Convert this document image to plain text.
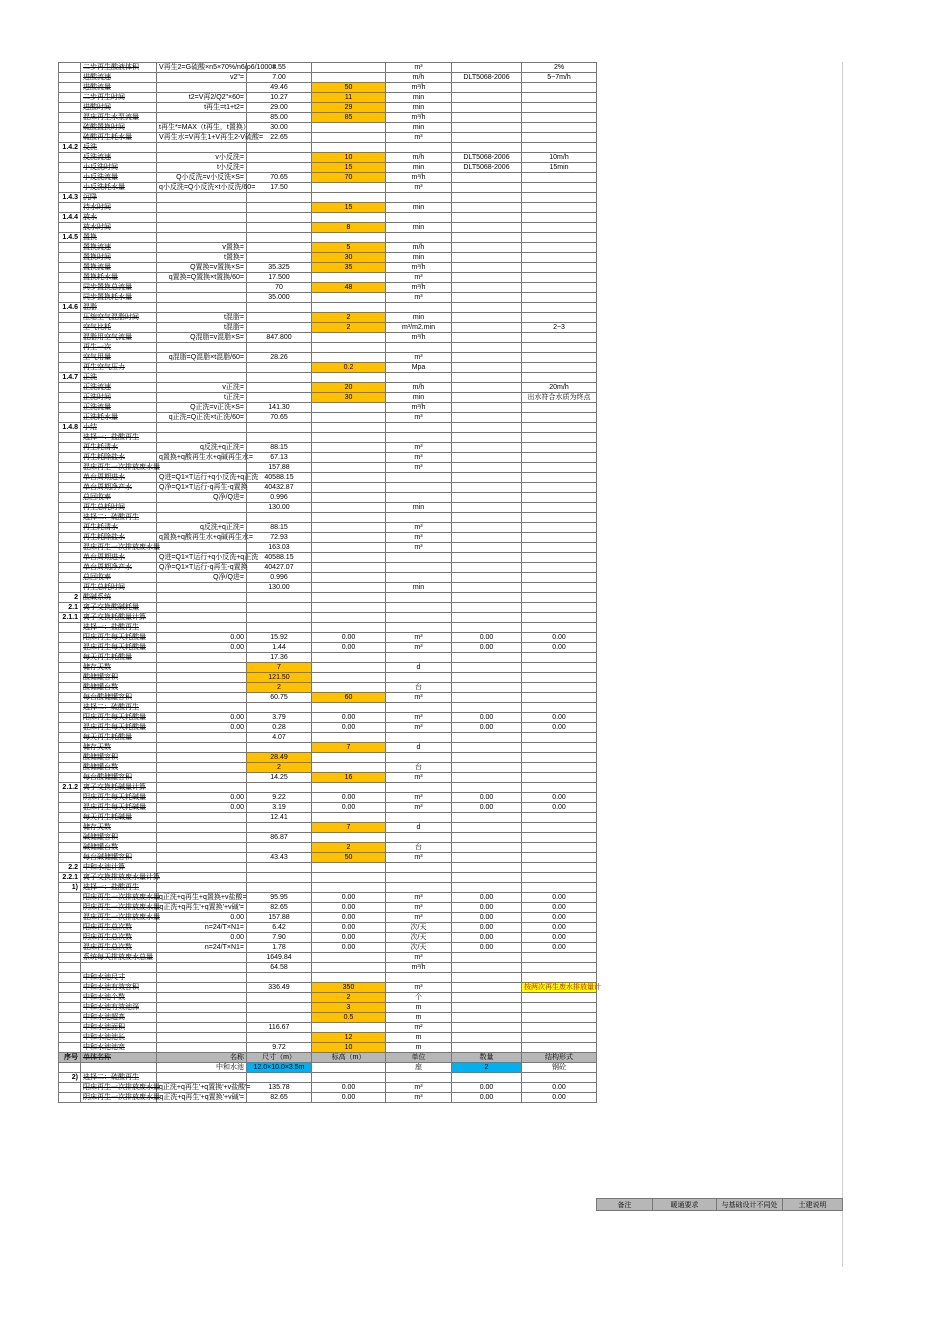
	二步再生酸液体积	V再生2=G硫酸×n5×70%/n6/ρ6/1000=	8.55		m³		2%
	进酸流速	v2"=	7.00		m/h	DLT5068-2006	5~7m/h
	进酸流量		49.46	50	m³/h		
	二步再生时间	t2=V再2/Q2"×60=	10.27	11	min		
	进酸时间	t再生=t1+t2=	29.00	29	min		
	混床再生水泵流量		85.00	85	m³/h		
	硫酸置换时间	t再生*=MAX（t再生，t置换）	30.00		min		
	硫酸再生耗水量	V再生水=V再生1+V再生2-V硫酸=	22.65		m³		
1.4.2	反洗						
	反洗流速	v小反洗=		10	m/h	DLT5068-2006	10m/h
	小反洗时间	t小反洗=		15	min	DLT5068-2006	15min
	小反洗流量	Q小反洗=v小反洗×S=	70.65	70	m³/h		
	小反洗耗水量	q小反洗=Q小反洗×t小反洗/60=	17.50		m³		
1.4.3	沉降						
	待水时间			15	min		
1.4.4	放水						
	放水时间			8	min		
1.4.5	置换						
	置换流速	v置换=		5	m/h		
	置换时间	t置换=		30	min		
	置换流量	Q置换=v置换×S=	35.325	35	m³/h		
	置换耗水量	q置换=Q置换×t置换/60=	17.500		m³		
	同步置换总流量		70	48	m³/h		
	同步置换耗水量		35.000		m³		
1.4.6	混脂						
	压缩空气混脂时间	t混脂=		2	min		
	空气比耗	t混脂=		2	m³/m2.min		2~3
	混脂用空气流量	Q混脂=v混脂×S=	847.800		m³/h		
	再生一次						
	空气用量	q混脂=Q混脂×t混脂/60=	28.26		m³		
	再生空气压力			0.2	Mpa		
1.4.7	正洗						
	正洗流速	v正洗=		20	m/h		20m/h
	正洗时间	t正洗=		30	min		出水符合水质为终点
	正洗流量	Q正洗=v正洗×S=	141.30		m³/h		
	正洗耗水量	q正洗=Q正洗×t正洗/60=	70.65		m³		
1.4.8	小结						
	选择一：盐酸再生						
	再生耗清水	q反洗+q正洗=	88.15		m³		
	再生耗除盐水	q置换+q酸再生水+q碱再生水=	67.13		m³		
	混床再生一次排放废水量		157.88		m³		
	单台周期进水	Q进=Q1×T运行+q小反洗+q正洗	40588.15				
	单台周期净产水	Q净=Q1×T运行-q再生-q置换	40432.87				
	总回收率	Q净/Q进=	0.996				
	再生总耗时间		130.00		min		
	选择二：硫酸再生						
	再生耗清水	q反洗+q正洗=	88.15		m³		
	再生耗除盐水	q置换+q酸再生水+q碱再生水=	72.93		m³		
	混床再生一次排放废水量		163.03		m³		
	单台周期进水	Q进=Q1×T运行+q小反洗+q正洗	40588.15				
	单台周期净产水	Q净=Q1×T运行-q再生-q置换	40427.07				
	总回收率	Q净/Q进=	0.996				
	再生总耗时间		130.00		min		
2	酸碱系统						
2.1	离子交换酸碱耗量						
2.1.1	离子交换耗酸量计算						
	选择一：盐酸再生						
	阳床再生每天耗酸量	0.00	15.92	0.00	m³	0.00	0.00
	混床再生每天耗酸量	0.00	1.44	0.00	m³	0.00	0.00
	每天再生耗酸量		17.36				
	储存天数		7		d		
	酸储罐容积		121.50				
	酸储罐台数		2		台		
	每台酸储罐容积		60.75	60	m³		
	选择二：硫酸再生						
	阳床再生每天耗酸量	0.00	3.79	0.00	m³	0.00	0.00
	混床再生每天耗酸量	0.00	0.28	0.00	m³	0.00	0.00
	每天再生耗酸量		4.07				
	储存天数			7	d		
	酸储罐容积		28.49				
	酸储罐台数		2		台		
	每台酸储罐容积		14.25	16	m³		
2.1.2	离子交换耗碱量计算						
	阴床再生每天耗碱量	0.00	9.22	0.00	m³	0.00	0.00
	混床再生每天耗碱量	0.00	3.19	0.00	m³	0.00	0.00
	每天再生耗碱量		12.41				
	储存天数			7	d		
	碱储罐容积		86.87				
	碱储罐台数			2	台		
	每台碱储罐容积		43.43	50	m³		
2.2	中和水池计算						
2.2.1	离子交换排放废水量计算						
1)	选择一：盐酸再生						
	阳床再生一次排放废水量	q正洗+q再生+q置换+v盐酸=	95.95	0.00	m³	0.00	0.00
	阴床再生一次排放废水量	q正洗+q再生'+q置换'+v碱'=	82.65	0.00	m³	0.00	0.00
	混床再生一次排放废水量	0.00	157.88	0.00	m³	0.00	0.00
	阳床再生总次数	n=24/T×N1=	6.42	0.00	次/天	0.00	0.00
	阴床再生总次数	0.00	7.90	0.00	次/天	0.00	0.00
	混床再生总次数	n=24/T×N1=	1.78	0.00	次/天	0.00	0.00
	系统每天排放废水总量		1649.84		m³		
			64.58		m³/h		
	中和水池尺寸						
	中和水池有效容积		336.49	350	m³		按两次再生废水排放量计
	中和水池个数			2	个		
	中和水池有效池深			3	m		
	中和水池超高			0.5	m		
	中和水池面积		116.67		m²		
	中和水池池长			12	m		
	中和水池池宽		9.72	10	m		
序号	单体名称	名称	尺寸（m）	标高（m）	单位	数量	结构形式
		中和水池	12.0×10.0×3.5m		座	2	钢砼
2)	选择二：硫酸再生						
	阳床再生一次排放废水量	q正洗+q再生'+q置换'+v盐酸'=	135.78	0.00	m³	0.00	0.00
	阴床再生一次排放废水量	q正洗+q再生'+q置换'+v碱'=	82.65	0.00	m³	0.00	0.00
备注	暖通要求	与基础设计不同处	土建说明
